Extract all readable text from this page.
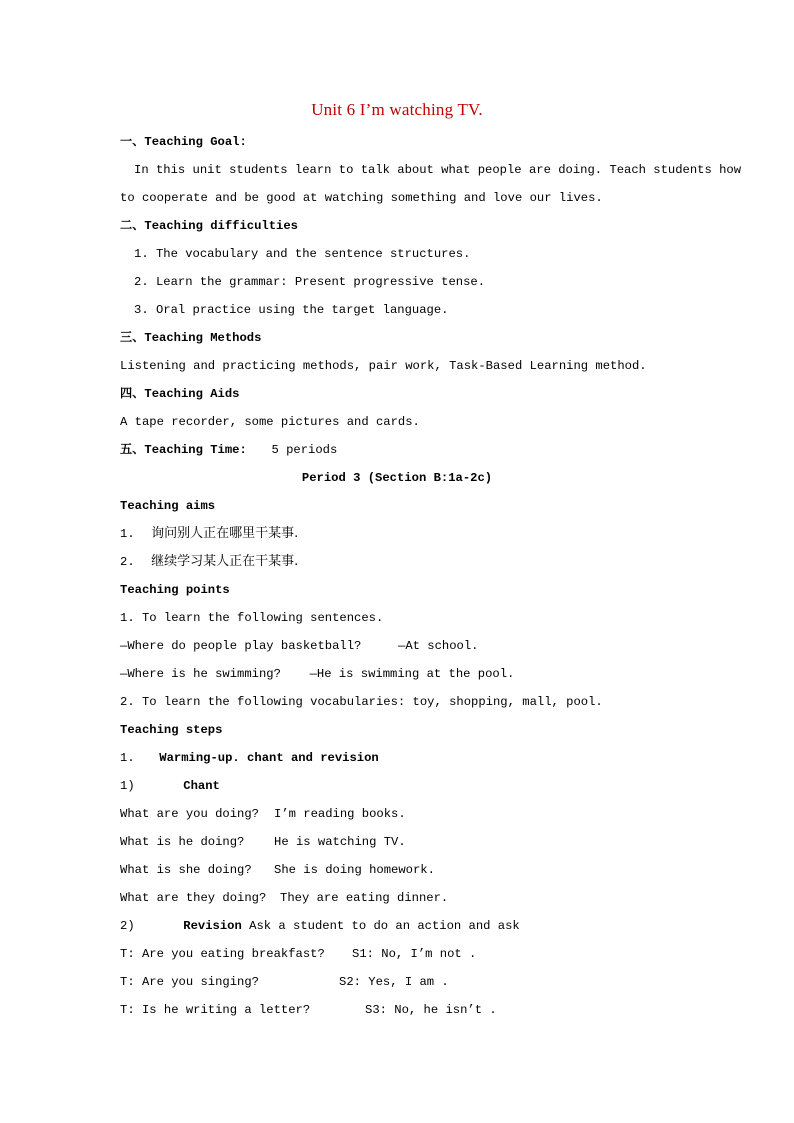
Unit 6 I’m watching TV.
一、Teaching Goal:
In this unit students learn to talk about what people are doing. Teach students how
to cooperate and be good at watching something and love our lives.
二、Teaching difficulties
1. The vocabulary and the sentence structures.
2. Learn the grammar: Present progressive tense.
3. Oral practice using the target language.
三、Teaching Methods
Listening and practicing methods, pair work, Task-Based Learning method.
四、Teaching Aids
A tape recorder, some pictures and cards.
五、Teaching Time: 5 periods
Period 3 (Section B:1a-2c)
Teaching aims
1. 询问别人正在哪里干某事.
2. 继续学习某人正在干某事.
Teaching points
1. To learn the following sentences.
—Where do people play basketball?	—At school.
—Where is he swimming? —He is swimming at the pool.
2. To learn the following vocabularies: toy, shopping, mall, pool.
Teaching steps
1. Warming-up. chant and revision
1)	Chant
What are you doing? I’m reading books.
What is he doing? He is watching TV.
What is she doing? She is doing homework.
What are they doing? They are eating dinner.
2)	Revision Ask a student to do an action and ask
T: Are you eating breakfast? S1: No, I’m not .
T: Are you singing?	S2: Yes, I am .
T: Is he writing a letter?	S3: No, he isn’t .
